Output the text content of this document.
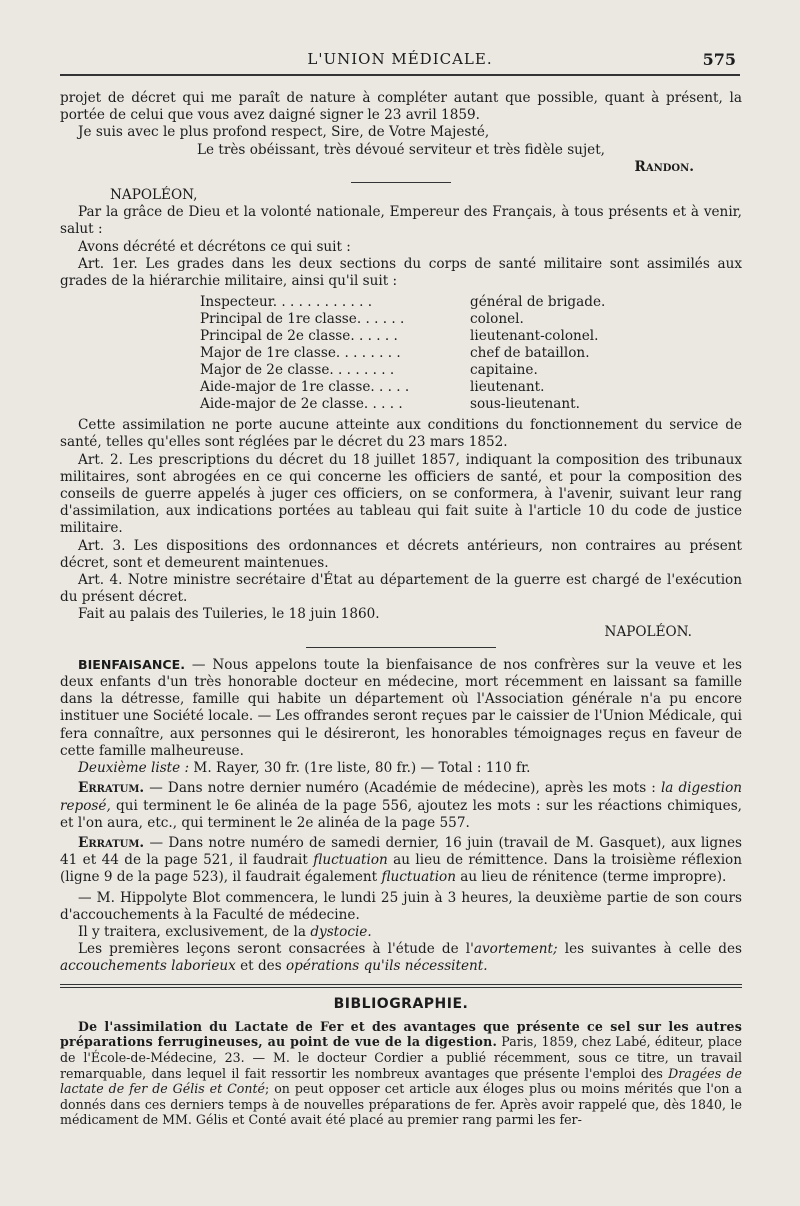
L'UNION MÉDICALE.	575

projet de décret qui me paraît de nature à compléter autant que possible, quant à présent, la portée de celui que vous avez daigné signer le 23 avril 1859.

Je suis avec le plus profond respect, Sire, de Votre Majesté,

Le très obéissant, très dévoué serviteur et très fidèle sujet,

Randon.

NAPOLÉON,

Par la grâce de Dieu et la volonté nationale, Empereur des Français, à tous présents et à venir, salut :

Avons décrété et décrétons ce qui suit :

Art. 1er. Les grades dans les deux sections du corps de santé militaire sont assimilés aux grades de la hiérarchie militaire, ainsi qu'il suit :

Inspecteur. . . . . . . . . . . .	général de brigade.
Principal de 1re classe. . . . . .	colonel.
Principal de 2e classe. . . . . .	lieutenant-colonel.
Major de 1re classe. . . . . . . .	chef de bataillon.
Major de 2e classe. . . . . . . .	capitaine.
Aide-major de 1re classe. . . . .	lieutenant.
Aide-major de 2e classe. . . . .	sous-lieutenant.

Cette assimilation ne porte aucune atteinte aux conditions du fonctionnement du service de santé, telles qu'elles sont réglées par le décret du 23 mars 1852.

Art. 2. Les prescriptions du décret du 18 juillet 1857, indiquant la composition des tribunaux militaires, sont abrogées en ce qui concerne les officiers de santé, et pour la composition des conseils de guerre appelés à juger ces officiers, on se conformera, à l'avenir, suivant leur rang d'assimilation, aux indications portées au tableau qui fait suite à l'article 10 du code de justice militaire.

Art. 3. Les dispositions des ordonnances et décrets antérieurs, non contraires au présent décret, sont et demeurent maintenues.

Art. 4. Notre ministre secrétaire d'État au département de la guerre est chargé de l'exécution du présent décret.

Fait au palais des Tuileries, le 18 juin 1860.

NAPOLÉON.

BIENFAISANCE. — Nous appelons toute la bienfaisance de nos confrères sur la veuve et les deux enfants d'un très honorable docteur en médecine, mort récemment en laissant sa famille dans la détresse, famille qui habite un département où l'Association générale n'a pu encore instituer une Société locale. — Les offrandes seront reçues par le caissier de l'Union Médicale, qui fera connaître, aux personnes qui le désireront, les honorables témoignages reçus en faveur de cette famille malheureuse.

Deuxième liste : M. Rayer, 30 fr. (1re liste, 80 fr.) — Total : 110 fr.

Erratum. — Dans notre dernier numéro (Académie de médecine), après les mots : la digestion reposé, qui terminent le 6e alinéa de la page 556, ajoutez les mots : sur les réactions chimiques, et l'on aura, etc., qui terminent le 2e alinéa de la page 557.

Erratum. — Dans notre numéro de samedi dernier, 16 juin (travail de M. Gasquet), aux lignes 41 et 44 de la page 521, il faudrait fluctuation au lieu de rémittence. Dans la troisième réflexion (ligne 9 de la page 523), il faudrait également fluctuation au lieu de rénitence (terme impropre).

— M. Hippolyte Blot commencera, le lundi 25 juin à 3 heures, la deuxième partie de son cours d'accouchements à la Faculté de médecine.

Il y traitera, exclusivement, de la dystocie.

Les premières leçons seront consacrées à l'étude de l'avortement; les suivantes à celle des accouchements laborieux et des opérations qu'ils nécessitent.

BIBLIOGRAPHIE.

De l'assimilation du Lactate de Fer et des avantages que présente ce sel sur les autres préparations ferrugineuses, au point de vue de la digestion. Paris, 1859, chez Labé, éditeur, place de l'École-de-Médecine, 23. — M. le docteur Cordier a publié récemment, sous ce titre, un travail remarquable, dans lequel il fait ressortir les nombreux avantages que présente l'emploi des Dragées de lactate de fer de Gélis et Conté; on peut opposer cet article aux éloges plus ou moins mérités que l'on a donnés dans ces derniers temps à de nouvelles préparations de fer. Après avoir rappelé que, dès 1840, le médicament de MM. Gélis et Conté avait été placé au premier rang parmi les fer-
